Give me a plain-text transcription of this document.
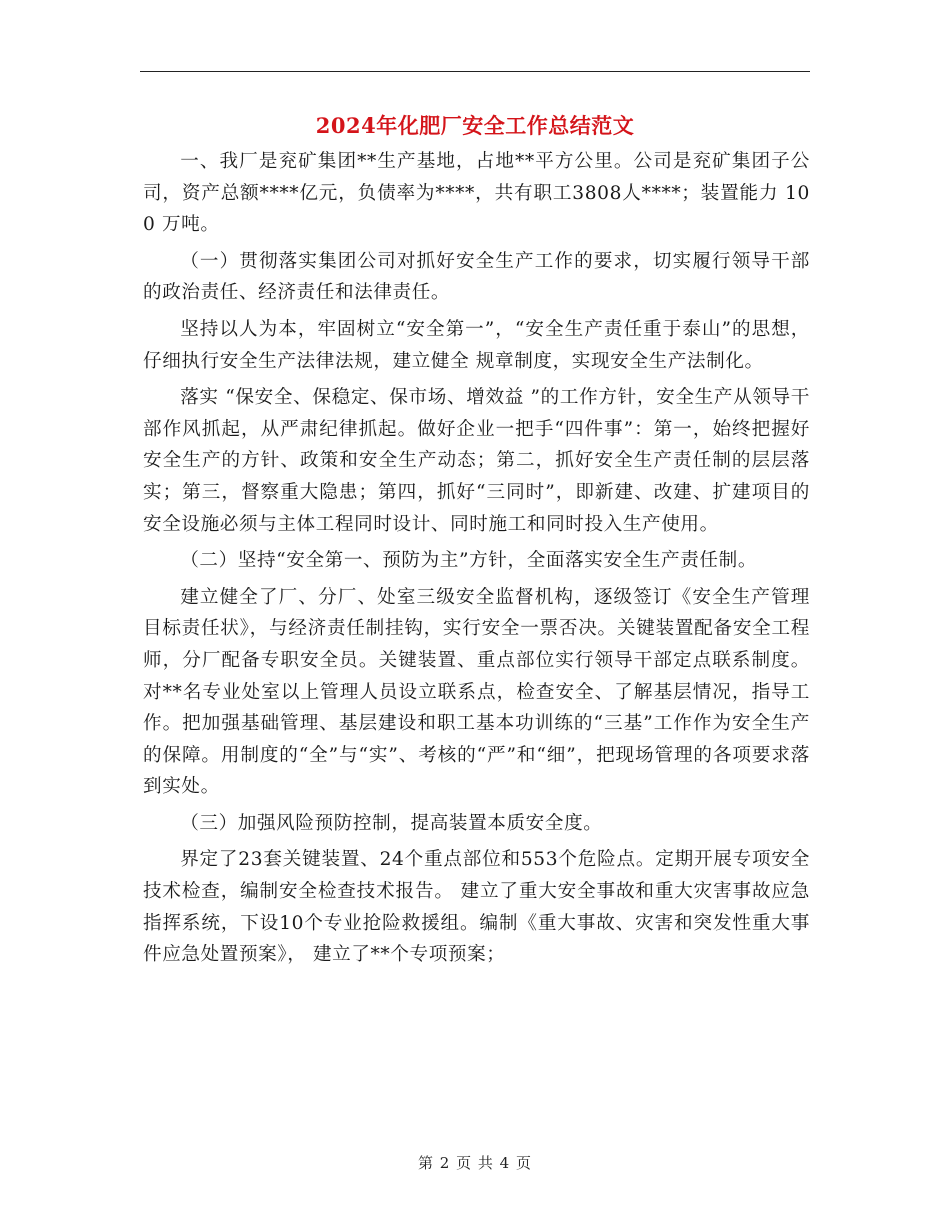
2024年化肥厂安全工作总结范文

一、我厂是兖矿集团**生产基地，占地**平方公里。公司是兖矿集团子公司，资产总额****亿元，负债率为****，共有职工3808人****；装置能力 100 万吨。

（一）贯彻落实集团公司对抓好安全生产工作的要求，切实履行领导干部的政治责任、经济责任和法律责任。

坚持以人为本，牢固树立“安全第一”，“安全生产责任重于泰山”的思想，仔细执行安全生产法律法规，建立健全 规章制度，实现安全生产法制化。

落实 “保安全、保稳定、保市场、增效益 ”的工作方针，安全生产从领导干部作风抓起，从严肃纪律抓起。做好企业一把手“四件事”：第一，始终把握好安全生产的方针、政策和安全生产动态；第二，抓好安全生产责任制的层层落实；第三，督察重大隐患；第四，抓好“三同时”，即新建、改建、扩建项目的安全设施必须与主体工程同时设计、同时施工和同时投入生产使用。

（二）坚持“安全第一、预防为主”方针，全面落实安全生产责任制。

建立健全了厂、分厂、处室三级安全监督机构，逐级签订《安全生产管理目标责任状》，与经济责任制挂钩，实行安全一票否决。关键装置配备安全工程师，分厂配备专职安全员。关键装置、重点部位实行领导干部定点联系制度。对**名专业处室以上管理人员设立联系点，检查安全、了解基层情况，指导工作。把加强基础管理、基层建设和职工基本功训练的“三基”工作作为安全生产的保障。用制度的“全”与“实”、考核的“严”和“细”，把现场管理的各项要求落到实处。

（三）加强风险预防控制，提高装置本质安全度。

界定了23套关键装置、24个重点部位和553个危险点。定期开展专项安全技术检查，编制安全检查技术报告。 建立了重大安全事故和重大灾害事故应急指挥系统，下设10个专业抢险救援组。编制《重大事故、灾害和突发性重大事件应急处置预案》， 建立了**个专项预案；

第 2 页 共 4 页
